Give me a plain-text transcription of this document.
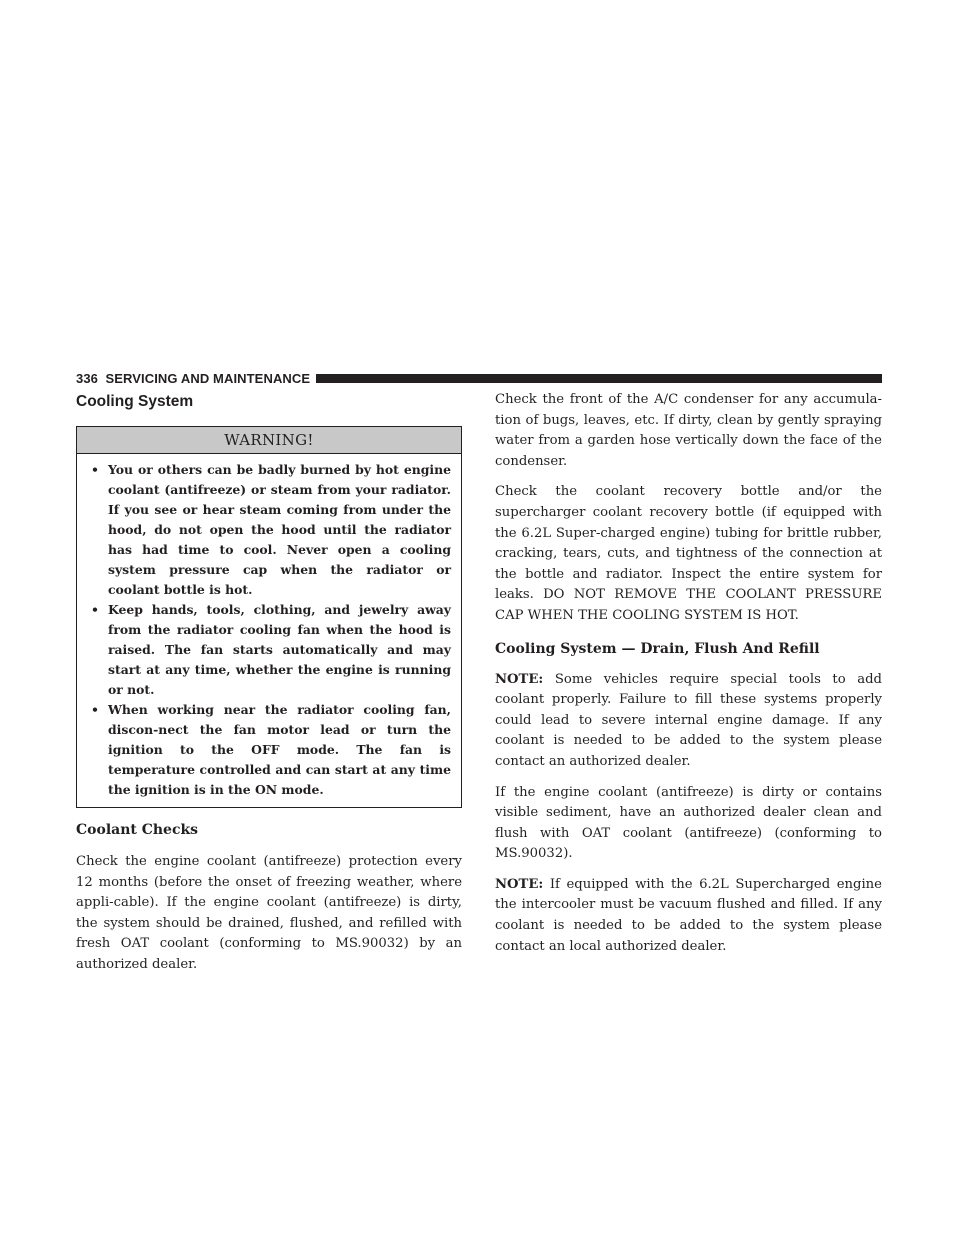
336 SERVICING AND MAINTENANCE
Cooling System
WARNING!
• You or others can be badly burned by hot engine coolant (antifreeze) or steam from your radiator. If you see or hear steam coming from under the hood, do not open the hood until the radiator has had time to cool. Never open a cooling system pressure cap when the radiator or coolant bottle is hot.
• Keep hands, tools, clothing, and jewelry away from the radiator cooling fan when the hood is raised. The fan starts automatically and may start at any time, whether the engine is running or not.
• When working near the radiator cooling fan, discon-nect the fan motor lead or turn the ignition to the OFF mode. The fan is temperature controlled and can start at any time the ignition is in the ON mode.
Coolant Checks

Check the engine coolant (antifreeze) protection every 12 months (before the onset of freezing weather, where appli-cable). If the engine coolant (antifreeze) is dirty, the system should be drained, flushed, and refilled with fresh OAT coolant (conforming to MS.90032) by an authorized dealer.

Check the front of the A/C condenser for any accumula-tion of bugs, leaves, etc. If dirty, clean by gently spraying water from a garden hose vertically down the face of the condenser.

Check the coolant recovery bottle and/or the supercharger coolant recovery bottle (if equipped with the 6.2L Super-charged engine) tubing for brittle rubber, cracking, tears, cuts, and tightness of the connection at the bottle and radiator. Inspect the entire system for leaks. DO NOT REMOVE THE COOLANT PRESSURE CAP WHEN THE COOLING SYSTEM IS HOT.

Cooling System — Drain, Flush And Refill

NOTE: Some vehicles require special tools to add coolant properly. Failure to fill these systems properly could lead to severe internal engine damage. If any coolant is needed to be added to the system please contact an authorized dealer.

If the engine coolant (antifreeze) is dirty or contains visible sediment, have an authorized dealer clean and flush with OAT coolant (antifreeze) (conforming to MS.90032).

NOTE: If equipped with the 6.2L Supercharged engine the intercooler must be vacuum flushed and filled. If any coolant is needed to be added to the system please contact an local authorized dealer.
